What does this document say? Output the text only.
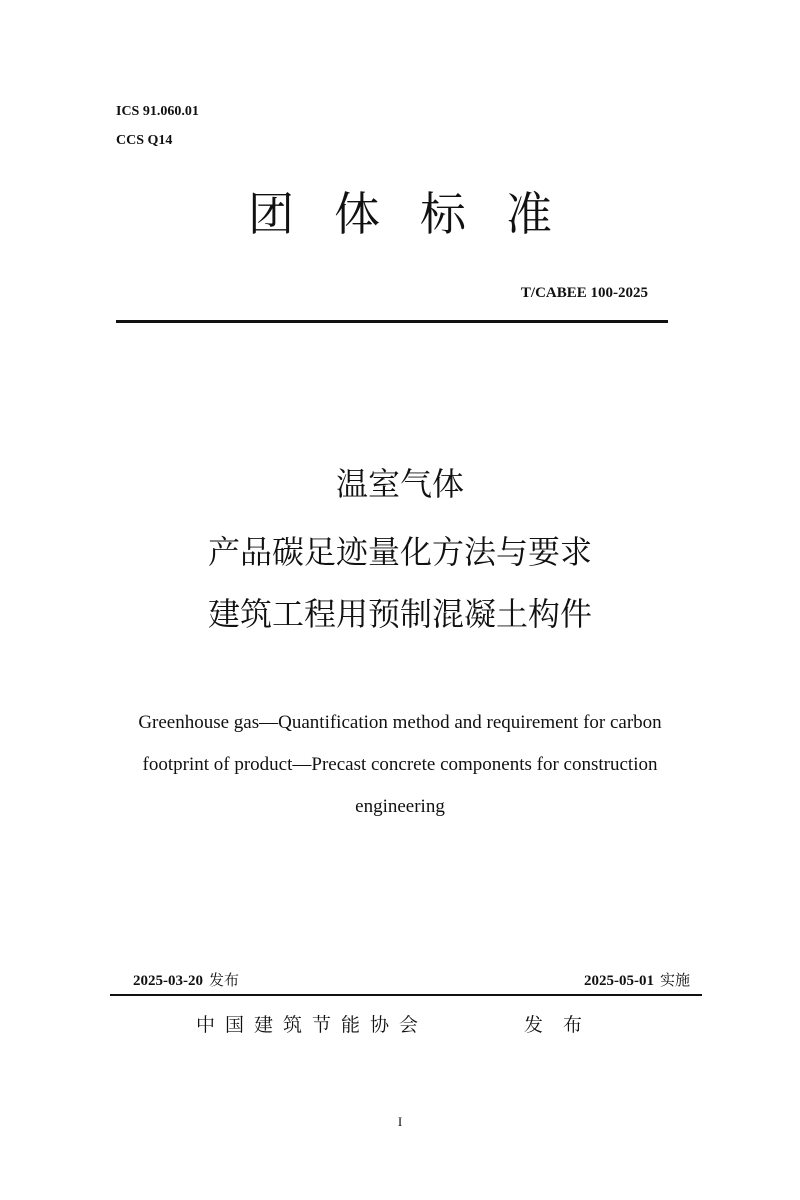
ICS 91.060.01
CCS Q14
团体标准
T/CABEE 100-2025
温室气体
产品碳足迹量化方法与要求
建筑工程用预制混凝土构件
Greenhouse gas—Quantification method and requirement for carbon footprint of product—Precast concrete components for construction engineering
2025-03-20 发布	2025-05-01 实施
中国建筑节能协会	发布
I
